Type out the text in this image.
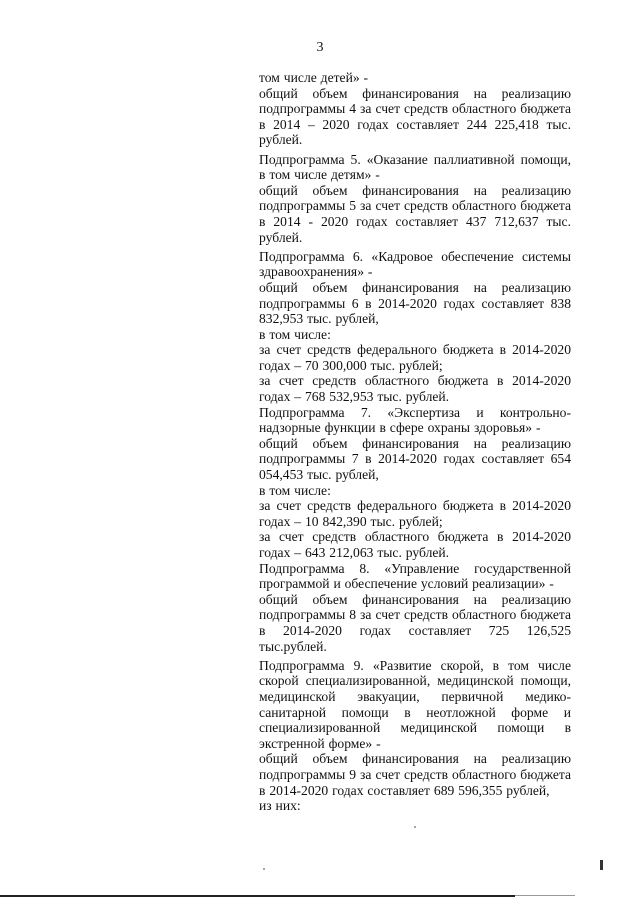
3

том числе детей» -

общий объем финансирования на реализацию подпрограммы 4 за счет средств областного бюджета в 2014 – 2020 годах составляет 244 225,418 тыс. рублей.

Подпрограмма 5. «Оказание паллиативной помощи, в том числе детям» -

общий объем финансирования на реализацию подпрограммы 5 за счет средств областного бюджета в 2014 - 2020 годах составляет 437 712,637 тыс. рублей.

Подпрограмма 6. «Кадровое обеспечение системы здравоохранения» -

общий объем финансирования на реализацию подпрограммы 6 в 2014-2020 годах составляет 838 832,953 тыс. рублей,

в том числе:

за счет средств федерального бюджета в 2014-2020 годах – 70 300,000 тыс. рублей;

за счет средств областного бюджета в 2014-2020 годах – 768 532,953 тыс. рублей.

Подпрограмма 7. «Экспертиза и контрольно-надзорные функции в сфере охраны здоровья» -

общий объем финансирования на реализацию подпрограммы 7 в 2014-2020 годах составляет 654 054,453 тыс. рублей,

в том числе:

за счет средств федерального бюджета в 2014-2020 годах – 10 842,390 тыс. рублей;

за счет средств областного бюджета в 2014-2020 годах – 643 212,063 тыс. рублей.

Подпрограмма 8. «Управление государственной программой и обеспечение условий реализации» -

общий объем финансирования на реализацию подпрограммы 8 за счет средств областного бюджета в 2014-2020 годах составляет 725 126,525 тыс.рублей.

Подпрограмма 9. «Развитие скорой, в том числе скорой специализированной, медицинской помощи, медицинской эвакуации, первичной медико-санитарной помощи в неотложной форме и специализированной медицинской помощи в экстренной форме» -

общий объем финансирования на реализацию подпрограммы 9 за счет средств областного бюджета в 2014-2020 годах составляет 689 596,355 рублей,

из них:
